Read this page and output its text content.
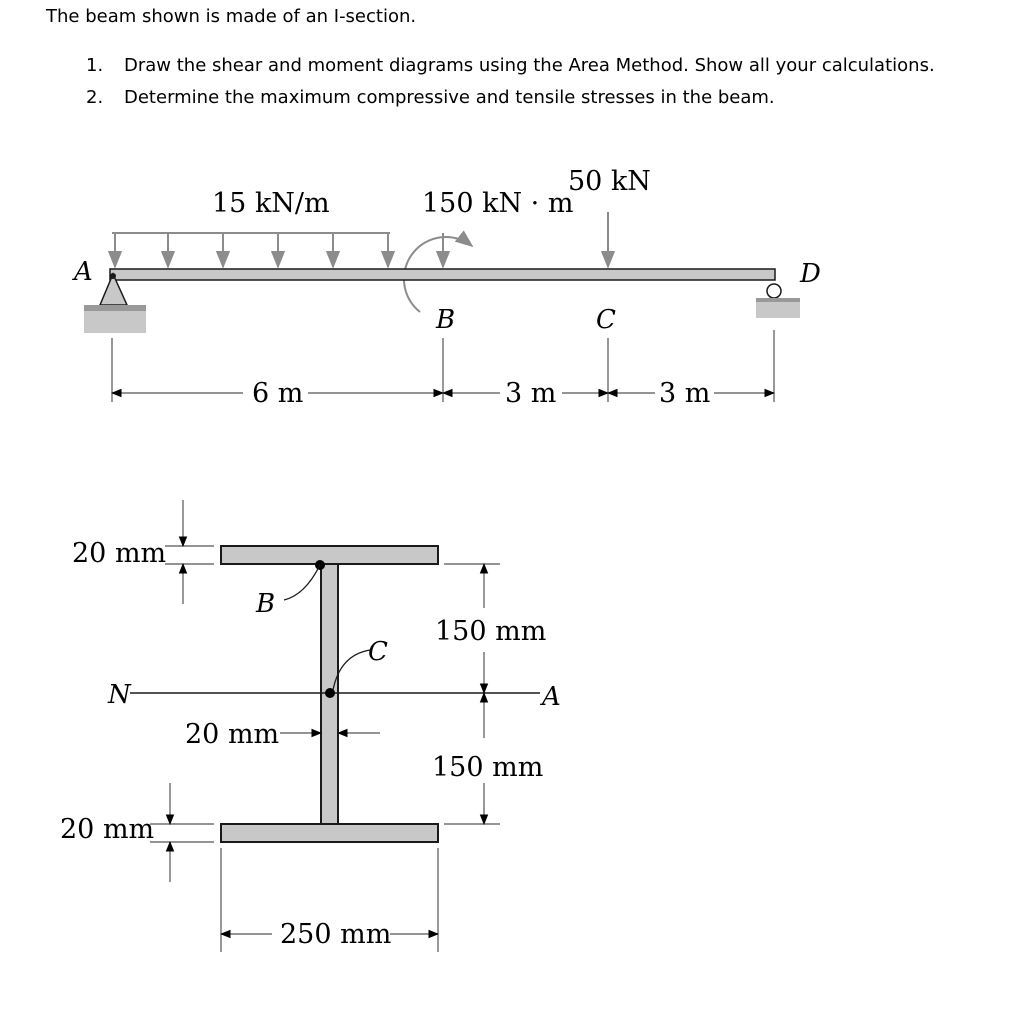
The beam shown is made of an I-section.
1. Draw the shear and moment diagrams using the Area Method. Show all your calculations.
2. Determine the maximum compressive and tensile stresses in the beam.
15 kN/m	150 kN · m
50 kN
A	D
B	C
6 m	3 m	3 m
N	A
B
C
20 mm
20 mm
20 mm
150 mm
150 mm
250 mm
